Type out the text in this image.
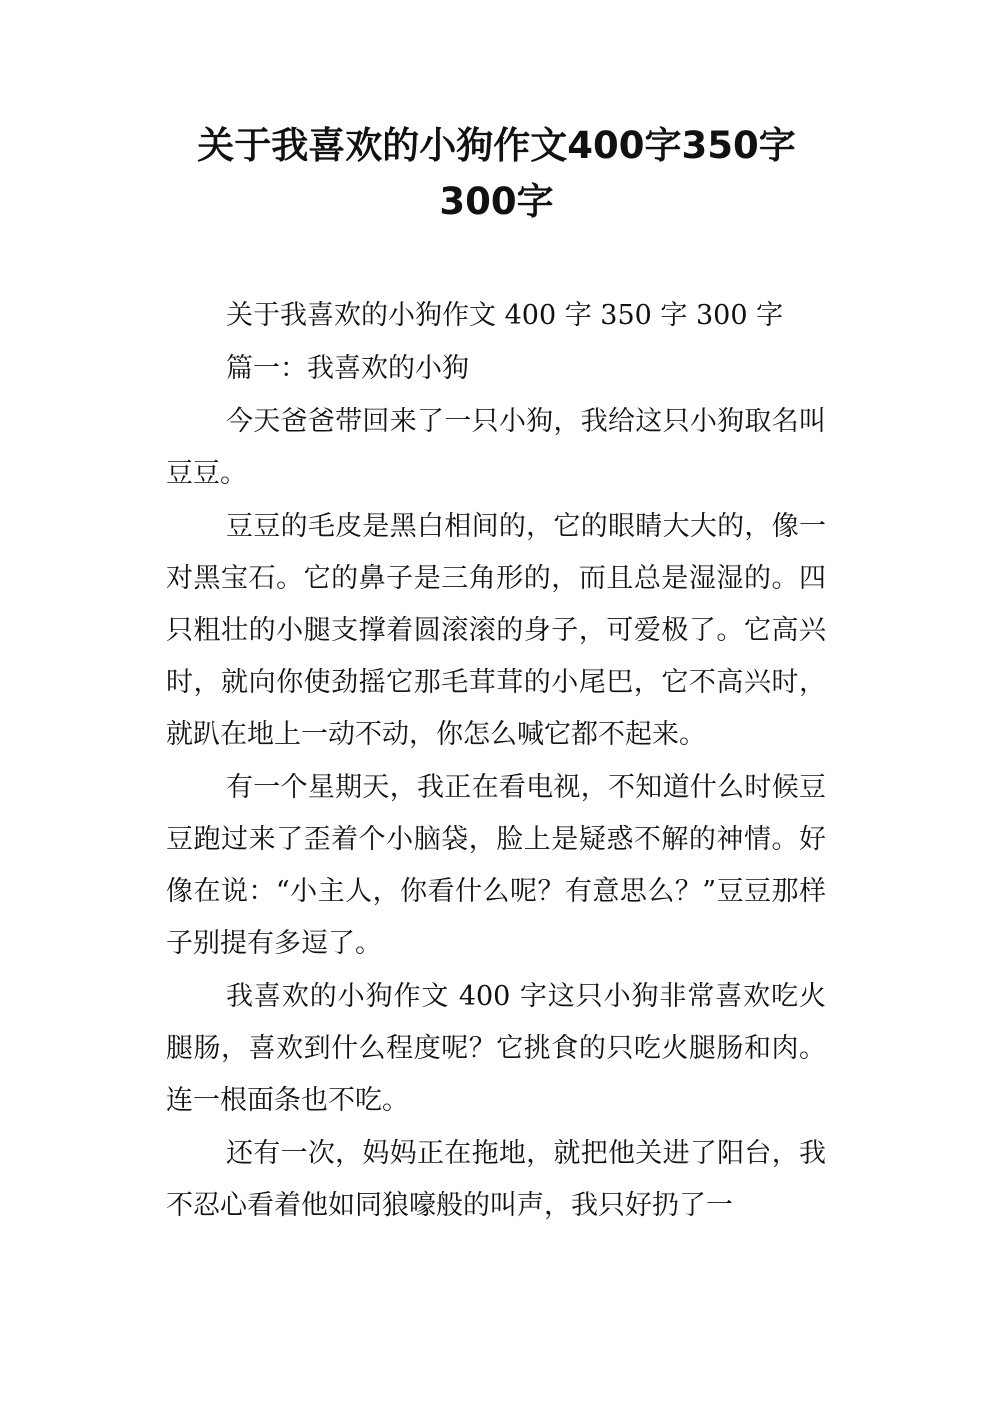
关于我喜欢的小狗作文400字350字
300字

关于我喜欢的小狗作文 400 字 350 字 300 字

篇一：我喜欢的小狗

今天爸爸带回来了一只小狗，我给这只小狗取名叫豆豆。

豆豆的毛皮是黑白相间的，它的眼睛大大的，像一对黑宝石。它的鼻子是三角形的，而且总是湿湿的。四只粗壮的小腿支撑着圆滚滚的身子，可爱极了。它高兴时，就向你使劲摇它那毛茸茸的小尾巴，它不高兴时，就趴在地上一动不动，你怎么喊它都不起来。

有一个星期天，我正在看电视，不知道什么时候豆豆跑过来了歪着个小脑袋，脸上是疑惑不解的神情。好像在说：“小主人，你看什么呢？有意思么？”豆豆那样子别提有多逗了。

我喜欢的小狗作文 400 字这只小狗非常喜欢吃火腿肠，喜欢到什么程度呢？它挑食的只吃火腿肠和肉。连一根面条也不吃。

还有一次，妈妈正在拖地，就把他关进了阳台，我不忍心看着他如同狼嚎般的叫声，我只好扔了一
